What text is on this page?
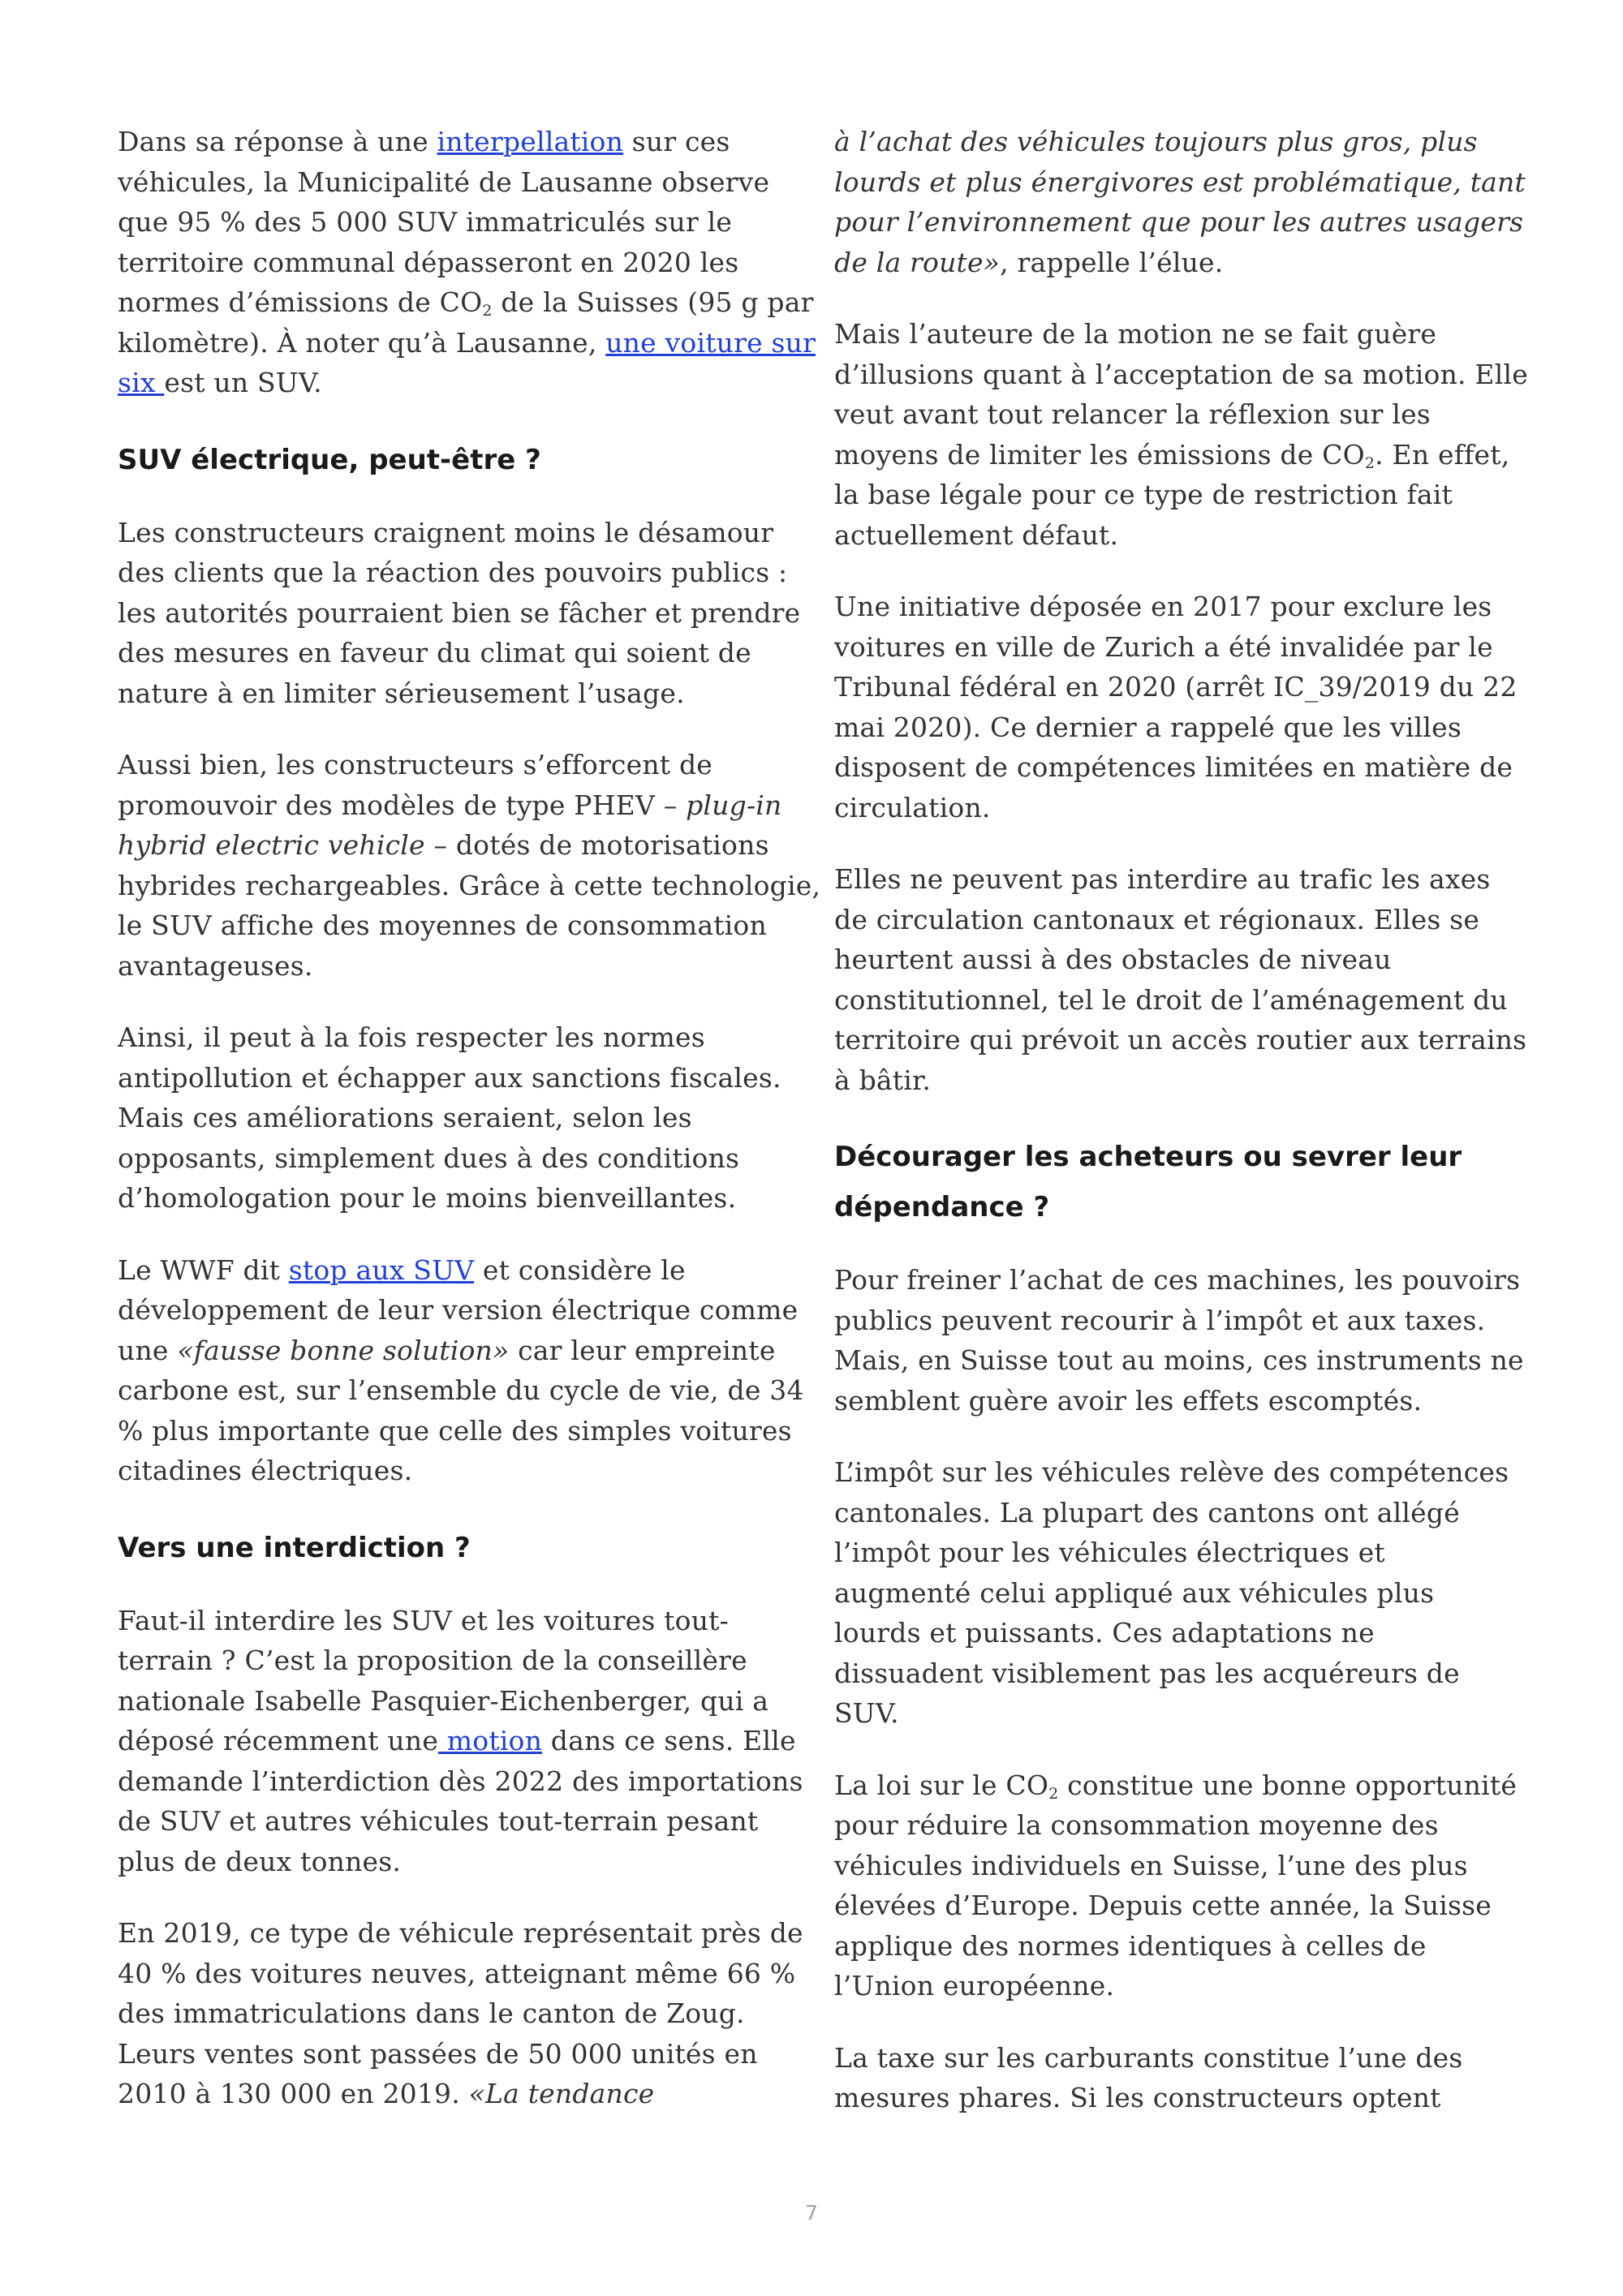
Dans sa réponse à une interpellation sur ces véhicules, la Municipalité de Lausanne observe que 95 % des 5 000 SUV immatriculés sur le territoire communal dépasseront en 2020 les normes d’émissions de $CO_2$ de la Suisses (95 g par kilomètre). À noter qu’à Lausanne, une voiture sur six est un SUV.

SUV électrique, peut-être ?

Les constructeurs craignent moins le désamour des clients que la réaction des pouvoirs publics : les autorités pourraient bien se fâcher et prendre des mesures en faveur du climat qui soient de nature à en limiter sérieusement l’usage.

Aussi bien, les constructeurs s’efforcent de promouvoir des modèles de type PHEV – plug-in hybrid electric vehicle – dotés de motorisations hybrides rechargeables. Grâce à cette technologie, le SUV affiche des moyennes de consommation avantageuses.

Ainsi, il peut à la fois respecter les normes antipollution et échapper aux sanctions fiscales. Mais ces améliorations seraient, selon les opposants, simplement dues à des conditions d’homologation pour le moins bienveillantes.

Le WWF dit stop aux SUV et considère le développement de leur version électrique comme une «fausse bonne solution» car leur empreinte carbone est, sur l’ensemble du cycle de vie, de 34 % plus importante que celle des simples voitures citadines électriques.

Vers une interdiction ?

Faut-il interdire les SUV et les voitures tout-terrain ? C’est la proposition de la conseillère nationale Isabelle Pasquier-Eichenberger, qui a déposé récemment une motion dans ce sens. Elle demande l’interdiction dès 2022 des importations de SUV et autres véhicules tout-terrain pesant plus de deux tonnes.

En 2019, ce type de véhicule représentait près de 40 % des voitures neuves, atteignant même 66 % des immatriculations dans le canton de Zoug. Leurs ventes sont passées de 50 000 unités en 2010 à 130 000 en 2019. «La tendance

à l’achat des véhicules toujours plus gros, plus lourds et plus énergivores est problématique, tant pour l’environnement que pour les autres usagers de la route», rappelle l’élue.

Mais l’auteure de la motion ne se fait guère d’illusions quant à l’acceptation de sa motion. Elle veut avant tout relancer la réflexion sur les moyens de limiter les émissions de $CO_2$. En effet, la base légale pour ce type de restriction fait actuellement défaut.

Une initiative déposée en 2017 pour exclure les voitures en ville de Zurich a été invalidée par le Tribunal fédéral en 2020 (arrêt IC_39/2019 du 22 mai 2020). Ce dernier a rappelé que les villes disposent de compétences limitées en matière de circulation.

Elles ne peuvent pas interdire au trafic les axes de circulation cantonaux et régionaux. Elles se heurtent aussi à des obstacles de niveau constitutionnel, tel le droit de l’aménagement du territoire qui prévoit un accès routier aux terrains à bâtir.

Décourager les acheteurs ou sevrer leur dépendance ?

Pour freiner l’achat de ces machines, les pouvoirs publics peuvent recourir à l’impôt et aux taxes. Mais, en Suisse tout au moins, ces instruments ne semblent guère avoir les effets escomptés.

L’impôt sur les véhicules relève des compétences cantonales. La plupart des cantons ont allégé l’impôt pour les véhicules électriques et augmenté celui appliqué aux véhicules plus lourds et puissants. Ces adaptations ne dissuadent visiblement pas les acquéreurs de SUV.

La loi sur le $CO_2$ constitue une bonne opportunité pour réduire la consommation moyenne des véhicules individuels en Suisse, l’une des plus élevées d’Europe. Depuis cette année, la Suisse applique des normes identiques à celles de l’Union européenne.

La taxe sur les carburants constitue l’une des mesures phares. Si les constructeurs optent

7
